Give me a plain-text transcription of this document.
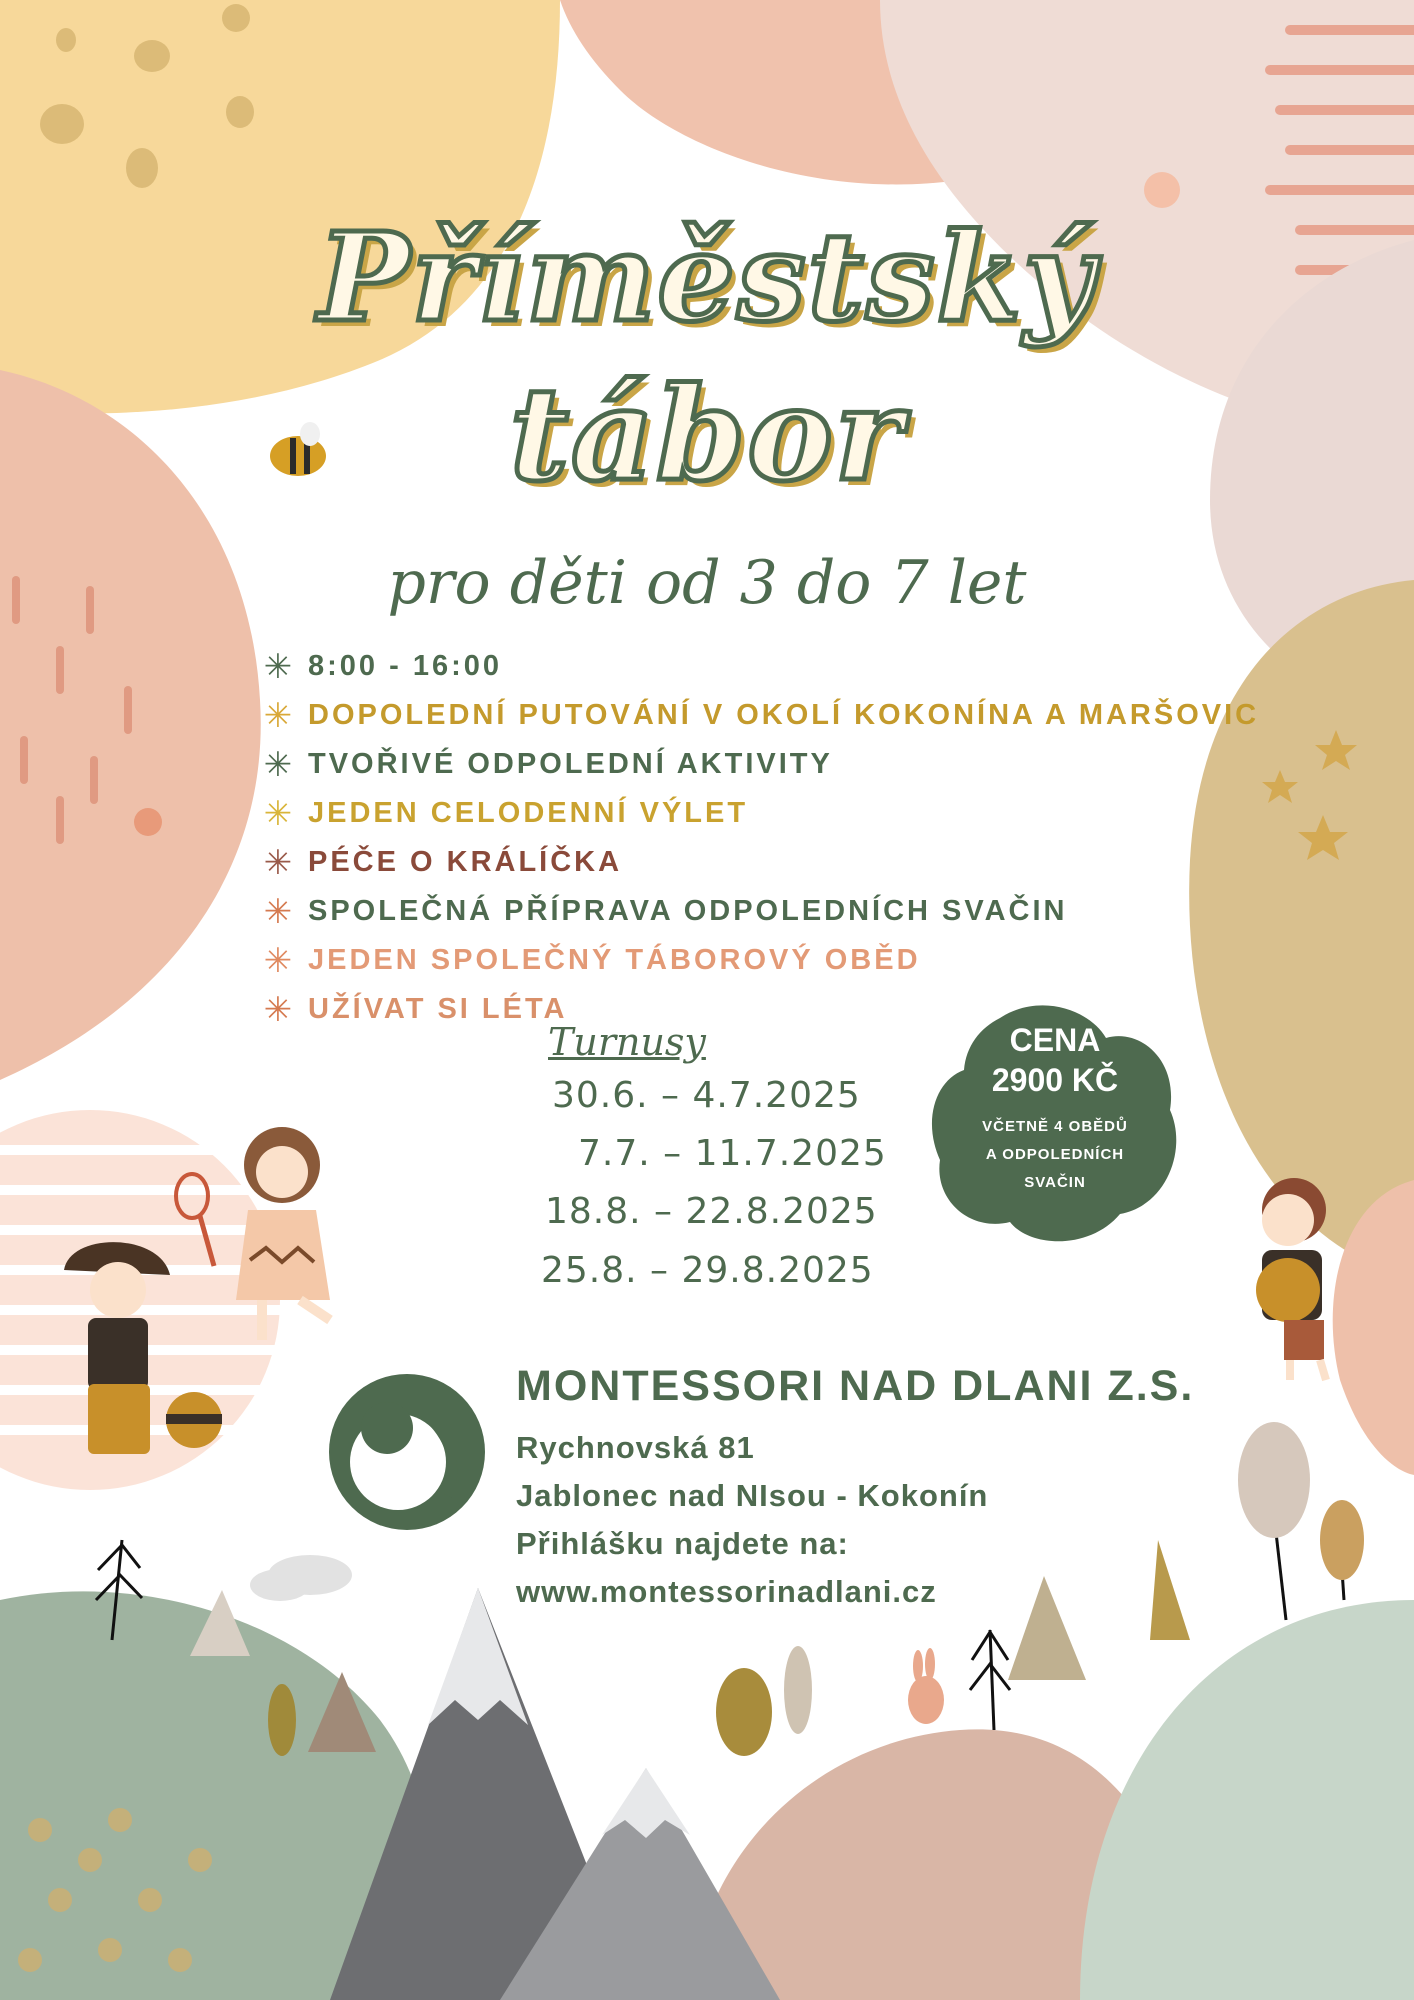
Příměstský
tábor
pro děti od 3 do 7 let
✳ 8:00 - 16:00
✳ DOPOLEDNÍ PUTOVÁNÍ V OKOLÍ KOKONÍNA A MARŠOVIC
✳ TVOŘIVÉ ODPOLEDNÍ AKTIVITY
✳ JEDEN CELODENNÍ VÝLET
✳ PÉČE O KRÁLÍČKA
✳ SPOLEČNÁ PŘÍPRAVA ODPOLEDNÍCH SVAČIN
✳ JEDEN SPOLEČNÝ TÁBOROVÝ OBĚD
✳ UŽÍVAT SI LÉTA
Turnusy
30.6. – 4.7.2025
7.7. – 11.7.2025
18.8. – 22.8.2025
25.8. – 29.8.2025
CENA
2900 KČ
VČETNĚ 4 OBĚDŮ
A ODPOLEDNÍCH
SVAČIN
MONTESSORI NAD DLANI Z.S.
Rychnovská 81
Jablonec nad NIsou - Kokonín
Přihlášku najdete na:
www.montessorinadlani.cz
